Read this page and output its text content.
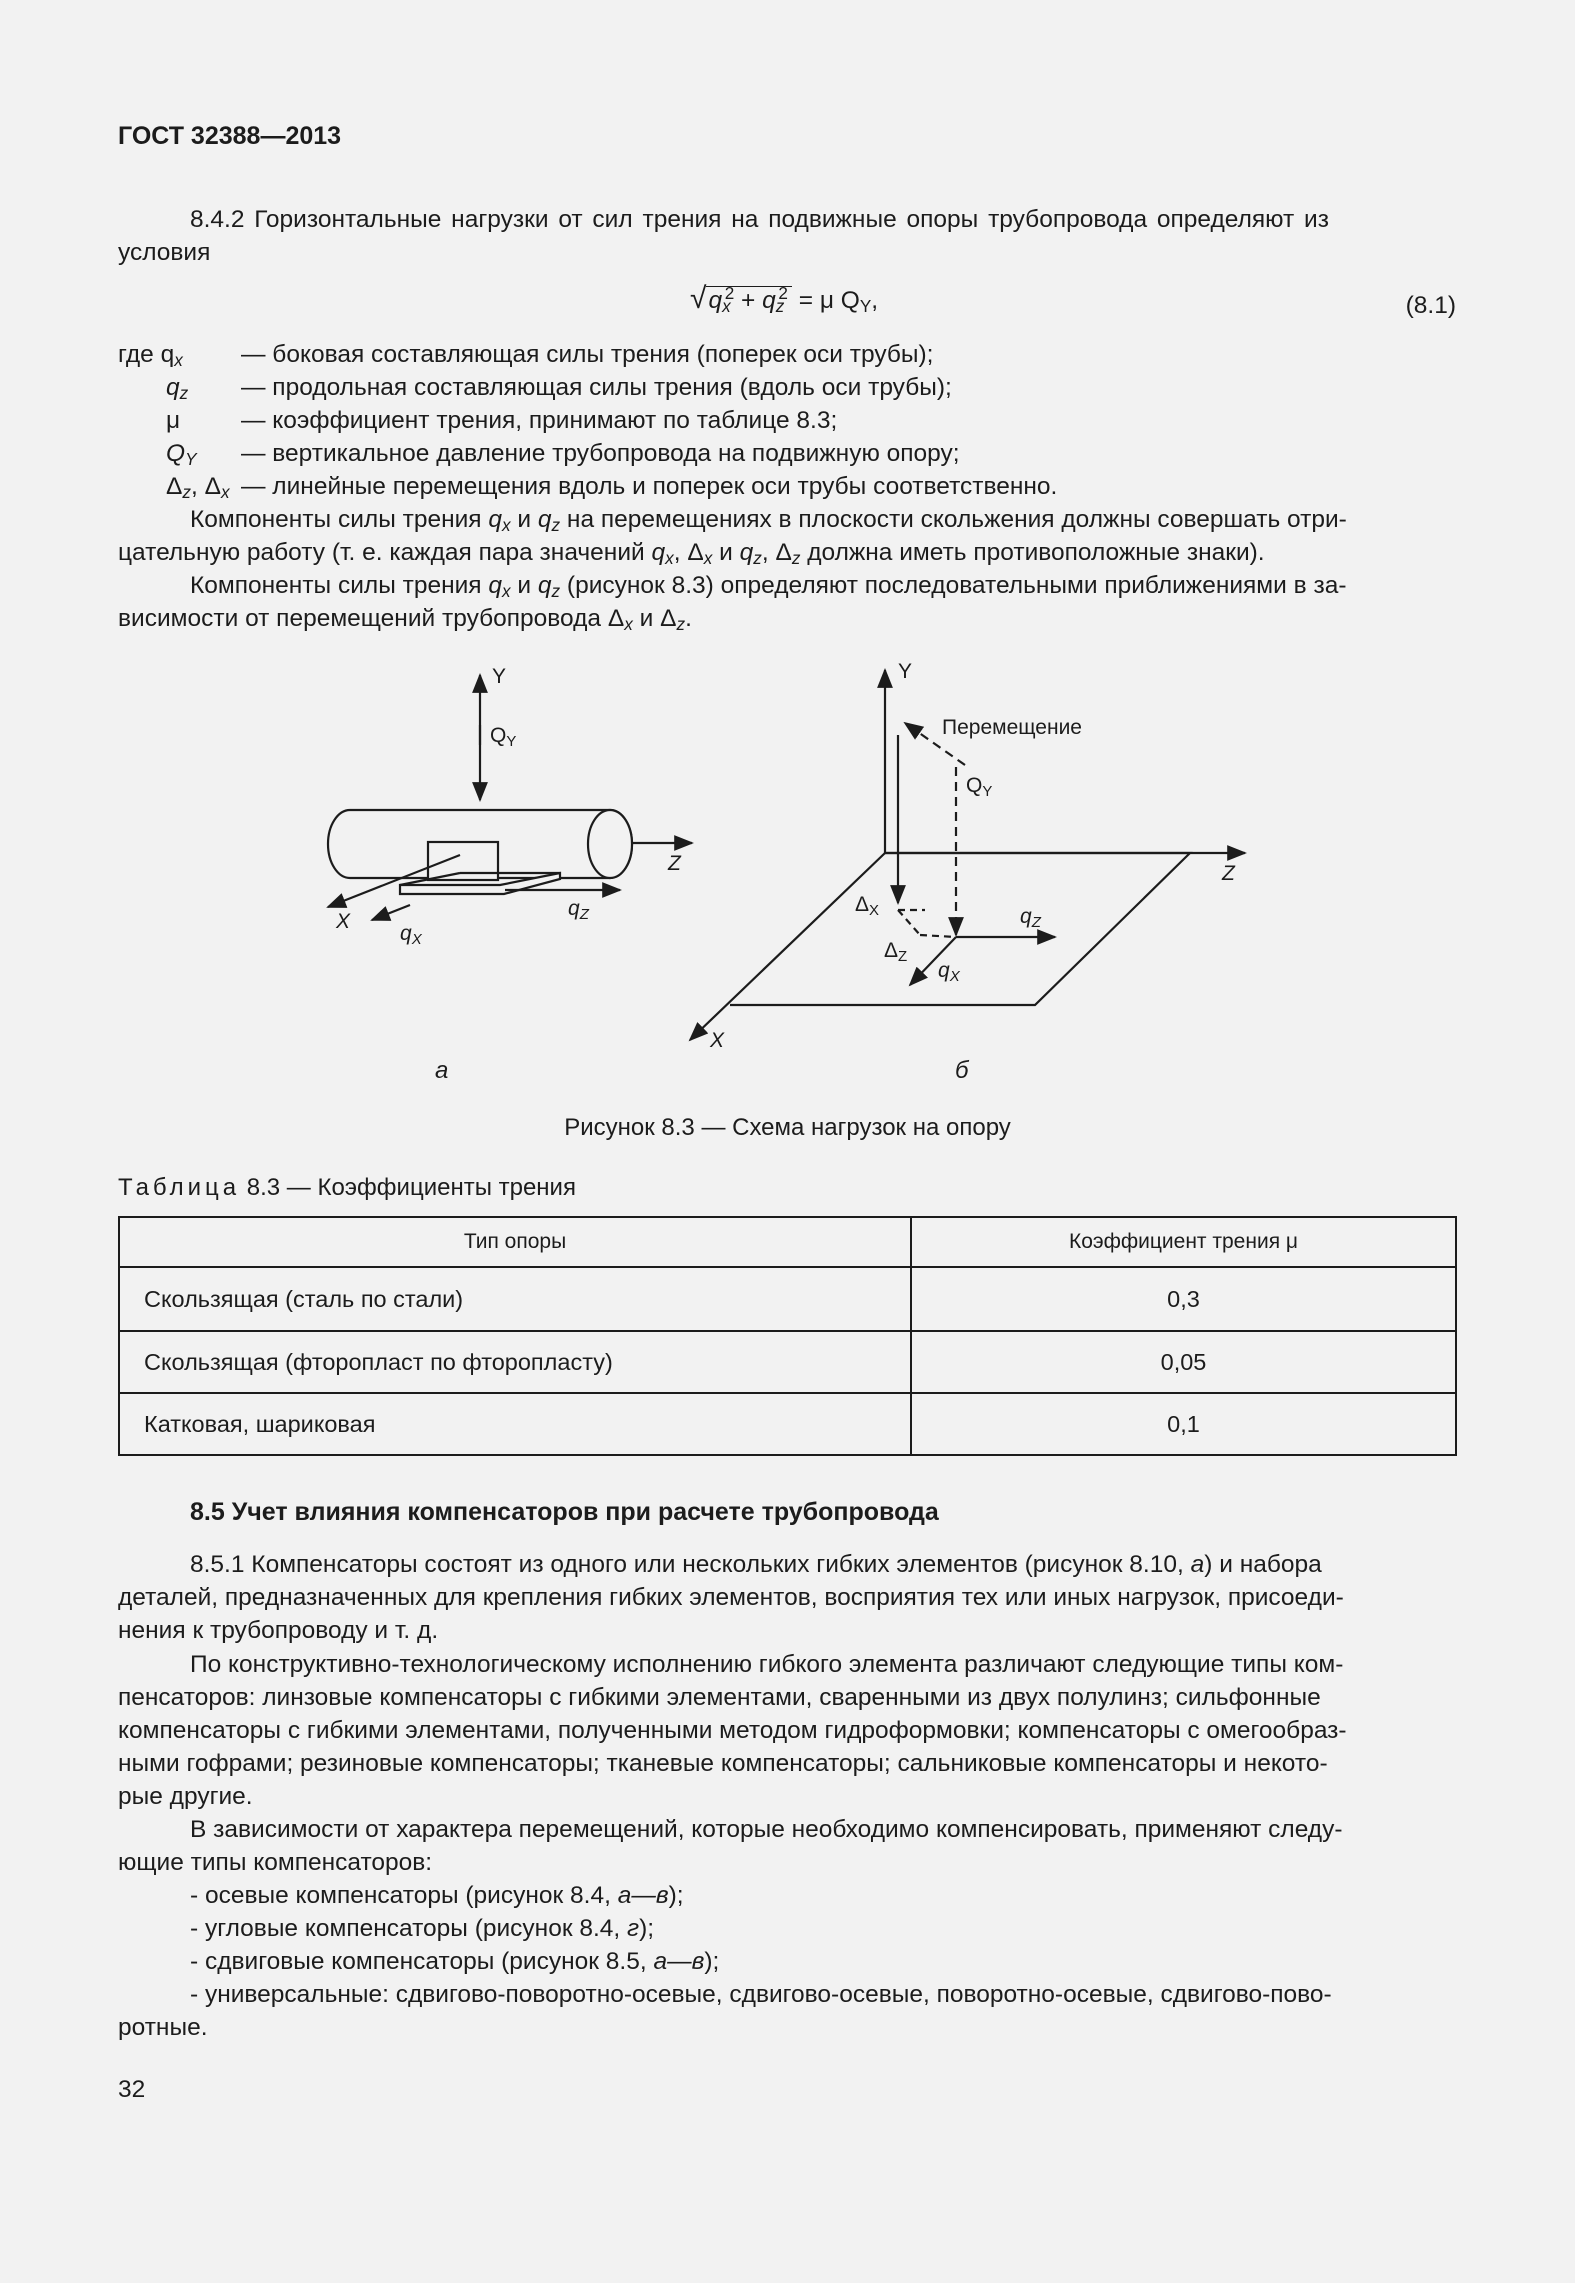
ГОСТ 32388—2013
8.4.2 Горизонтальные нагрузки от сил трения на подвижные опоры трубопровода определяют из
условия
$√q_x^2 + q_z^2 = \mu$ $Q_Y$,	(8.1)
где $q_x$ — боковая составляющая силы трения (поперек оси трубы);
$q_z$ — продольная составляющая силы трения (вдоль оси трубы);
μ — коэффициент трения, принимают по таблице 8.3;
$Q_Y$ — вертикальное давление трубопровода на подвижную опору;
$\Delta_z$, $\Delta_x$ — линейные перемещения вдоль и поперек оси трубы соответственно.
Компоненты силы трения $q_x$ и $q_z$ на перемещениях в плоскости скольжения должны совершать отри-
цательную работу (т. е. каждая пара значений $q_x$, $\Delta_x$ и $q_z$, $\Delta_z$ должна иметь противоположные знаки).
Компоненты силы трения $q_x$ и $q_z$ (рисунок 8.3) определяют последовательными приближениями в за-
висимости от перемещений трубопровода $\Delta_x$ и $\Delta_z$.
Y
QY
Z
X
qX
qZ
Y
Перемещение
QY
Z
X
ΔX
ΔZ
qZ
qX
а	б
Рисунок 8.3 — Схема нагрузок на опору
Таблица 8.3 — Коэффициенты трения
Тип опоры	Коэффициент трения μ
Скользящая (сталь по стали)	0,3
Скользящая (фторопласт по фторопласту)	0,05
Катковая, шариковая	0,1
8.5 Учет влияния компенсаторов при расчете трубопровода
8.5.1 Компенсаторы состоят из одного или нескольких гибких элементов (рисунок 8.10, а) и набора
деталей, предназначенных для крепления гибких элементов, восприятия тех или иных нагрузок, присоеди-
нения к трубопроводу и т. д.
По конструктивно-технологическому исполнению гибкого элемента различают следующие типы ком-
пенсаторов: линзовые компенсаторы с гибкими элементами, сваренными из двух полулинз; сильфонные
компенсаторы с гибкими элементами, полученными методом гидроформовки; компенсаторы с омегообраз-
ными гофрами; резиновые компенсаторы; тканевые компенсаторы; сальниковые компенсаторы и некото-
рые другие.
В зависимости от характера перемещений, которые необходимо компенсировать, применяют следу-
ющие типы компенсаторов:
- осевые компенсаторы (рисунок 8.4, а—в);
- угловые компенсаторы (рисунок 8.4, г);
- сдвиговые компенсаторы (рисунок 8.5, а—в);
- универсальные: сдвигово-поворотно-осевые, сдвигово-осевые, поворотно-осевые, сдвигово-пово-
ротные.
32
